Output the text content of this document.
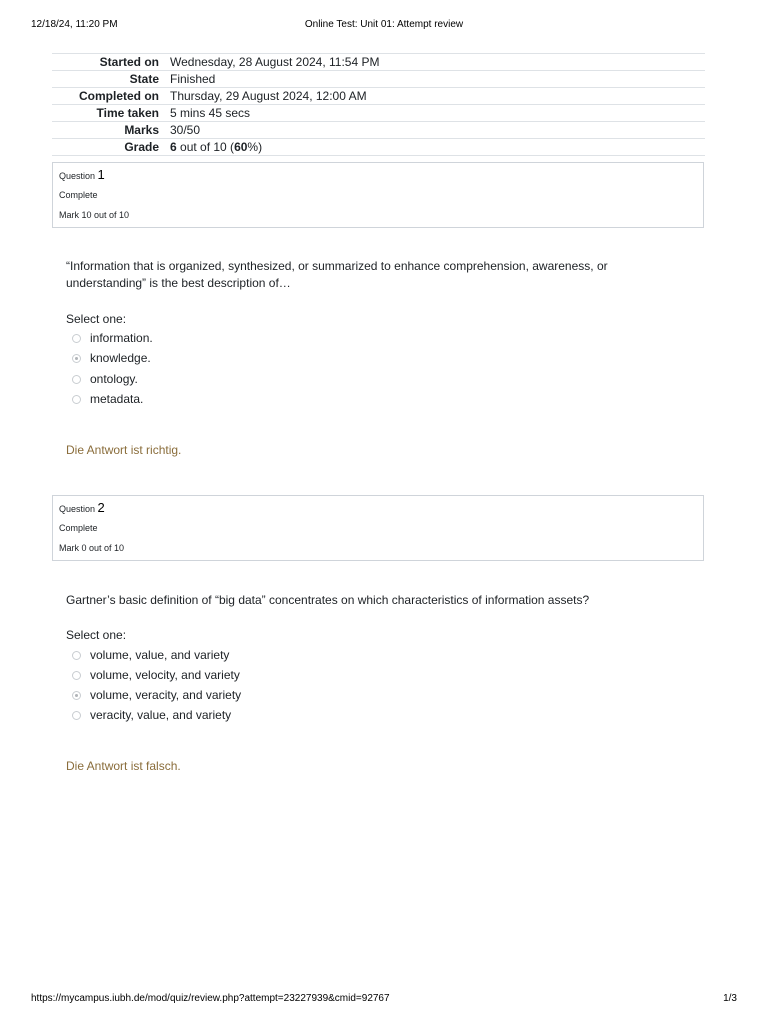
12/18/24, 11:20 PM	Online Test: Unit 01: Attempt review
Started on	Wednesday, 28 August 2024, 11:54 PM
State	Finished
Completed on	Thursday, 29 August 2024, 12:00 AM
Time taken	5 mins 45 secs
Marks	30/50
Grade	6 out of 10 (60%)
Question 1
Complete
Mark 10 out of 10
“Information that is organized, synthesized, or summarized to enhance comprehension, awareness, or understanding” is the best description of…
Select one:
information.
knowledge.
ontology.
metadata.
Die Antwort ist richtig.
Question 2
Complete
Mark 0 out of 10
Gartner’s basic definition of “big data” concentrates on which characteristics of information assets?
Select one:
volume, value, and variety
volume, velocity, and variety
volume, veracity, and variety
veracity, value, and variety
Die Antwort ist falsch.
https://mycampus.iubh.de/mod/quiz/review.php?attempt=23227939&cmid=92767	1/3
